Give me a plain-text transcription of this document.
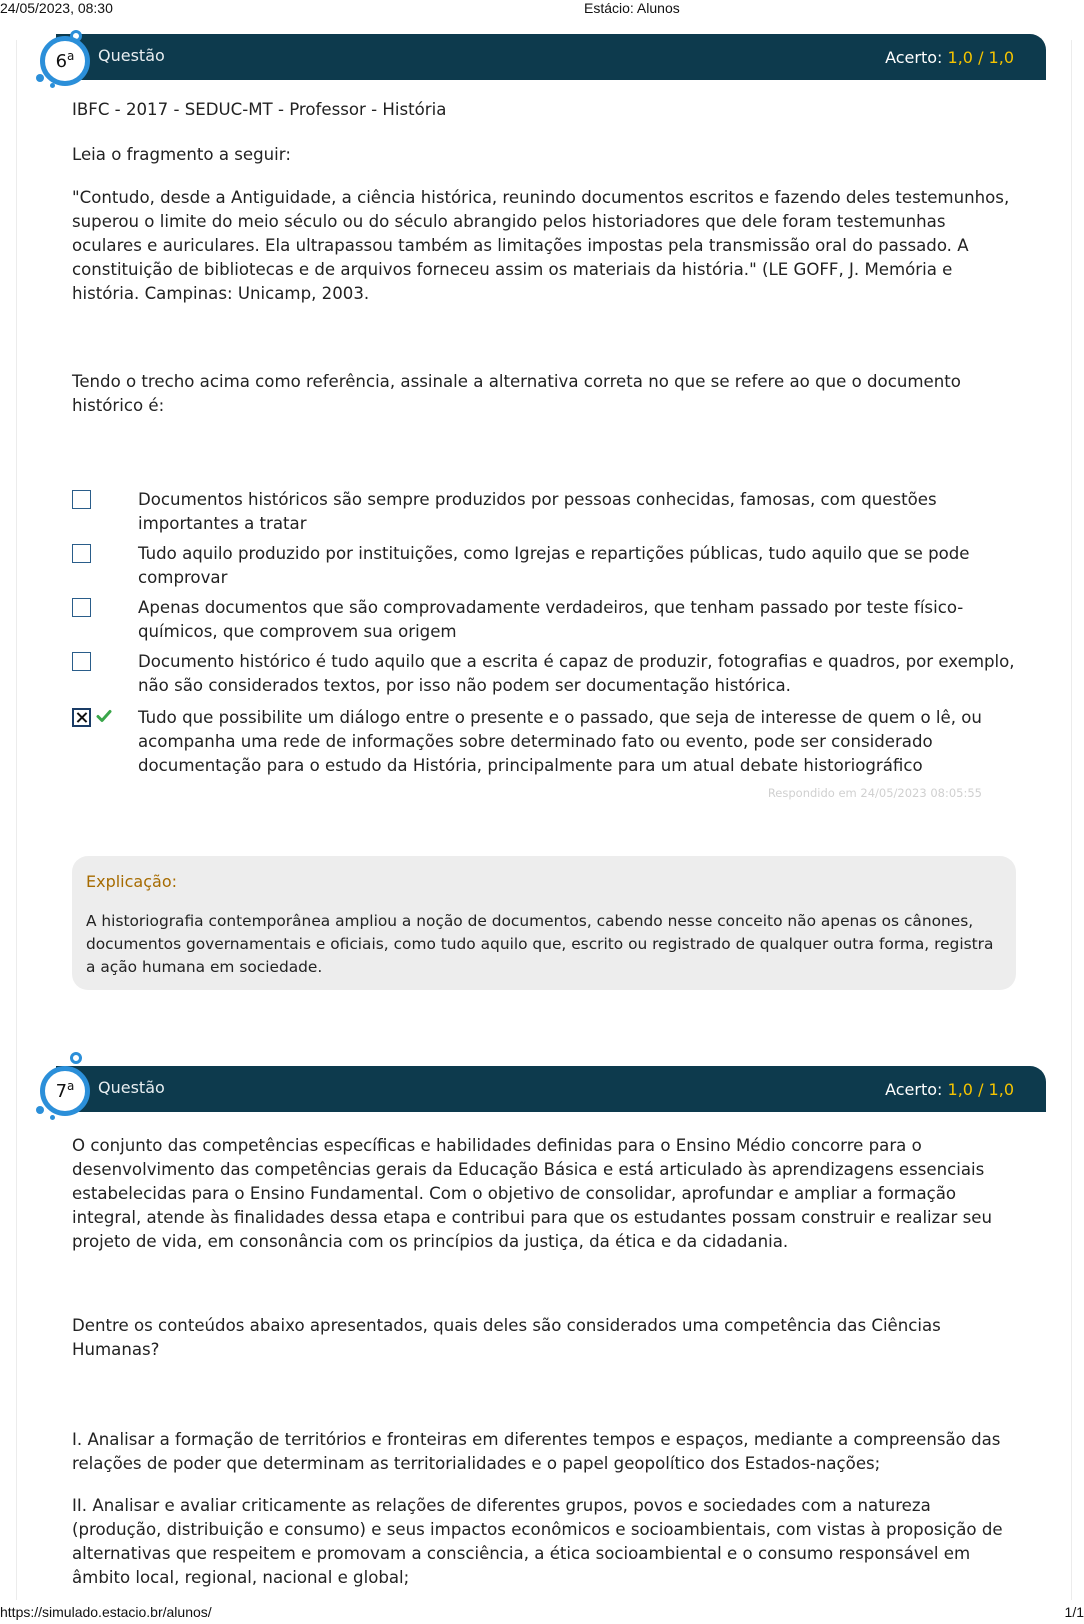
24/05/2023, 08:30	Estácio: Alunos
Questão	Acerto: 1,0 / 1,0
6$^a$
IBFC - 2017 - SEDUC-MT - Professor - História
Leia o fragmento a seguir:
"Contudo, desde a Antiguidade, a ciência histórica, reunindo documentos escritos e fazendo deles testemunhos, superou o limite do meio século ou do século abrangido pelos historiadores que dele foram testemunhas oculares e auriculares. Ela ultrapassou também as limitações impostas pela transmissão oral do passado. A constituição de bibliotecas e de arquivos forneceu assim os materiais da história." (LE GOFF, J. Memória e história. Campinas: Unicamp, 2003.
Tendo o trecho acima como referência, assinale a alternativa correta no que se refere ao que o documento histórico é:
Documentos históricos são sempre produzidos por pessoas conhecidas, famosas, com questões importantes a tratar
Tudo aquilo produzido por instituições, como Igrejas e repartições públicas, tudo aquilo que se pode comprovar
Apenas documentos que são comprovadamente verdadeiros, que tenham passado por teste físico-químicos, que comprovem sua origem
Documento histórico é tudo aquilo que a escrita é capaz de produzir, fotografias e quadros, por exemplo, não são considerados textos, por isso não podem ser documentação histórica.
Tudo que possibilite um diálogo entre o presente e o passado, que seja de interesse de quem o lê, ou acompanha uma rede de informações sobre determinado fato ou evento, pode ser considerado documentação para o estudo da História, principalmente para um atual debate historiográfico
Respondido em 24/05/2023 08:05:55
Explicação:
A historiografia contemporânea ampliou a noção de documentos, cabendo nesse conceito não apenas os cânones, documentos governamentais e oficiais, como tudo aquilo que, escrito ou registrado de qualquer outra forma, registra a ação humana em sociedade.
Questão	Acerto: 1,0 / 1,0
7$^a$
O conjunto das competências específicas e habilidades definidas para o Ensino Médio concorre para o desenvolvimento das competências gerais da Educação Básica e está articulado às aprendizagens essenciais estabelecidas para o Ensino Fundamental. Com o objetivo de consolidar, aprofundar e ampliar a formação integral, atende às finalidades dessa etapa e contribui para que os estudantes possam construir e realizar seu projeto de vida, em consonância com os princípios da justiça, da ética e da cidadania.
Dentre os conteúdos abaixo apresentados, quais deles são considerados uma competência das Ciências Humanas?
I. Analisar a formação de territórios e fronteiras em diferentes tempos e espaços, mediante a compreensão das relações de poder que determinam as territorialidades e o papel geopolítico dos Estados-nações;
II. Analisar e avaliar criticamente as relações de diferentes grupos, povos e sociedades com a natureza (produção, distribuição e consumo) e seus impactos econômicos e socioambientais, com vistas à proposição de alternativas que respeitem e promovam a consciência, a ética socioambiental e o consumo responsável em âmbito local, regional, nacional e global;
https://simulado.estacio.br/alunos/	1/1
